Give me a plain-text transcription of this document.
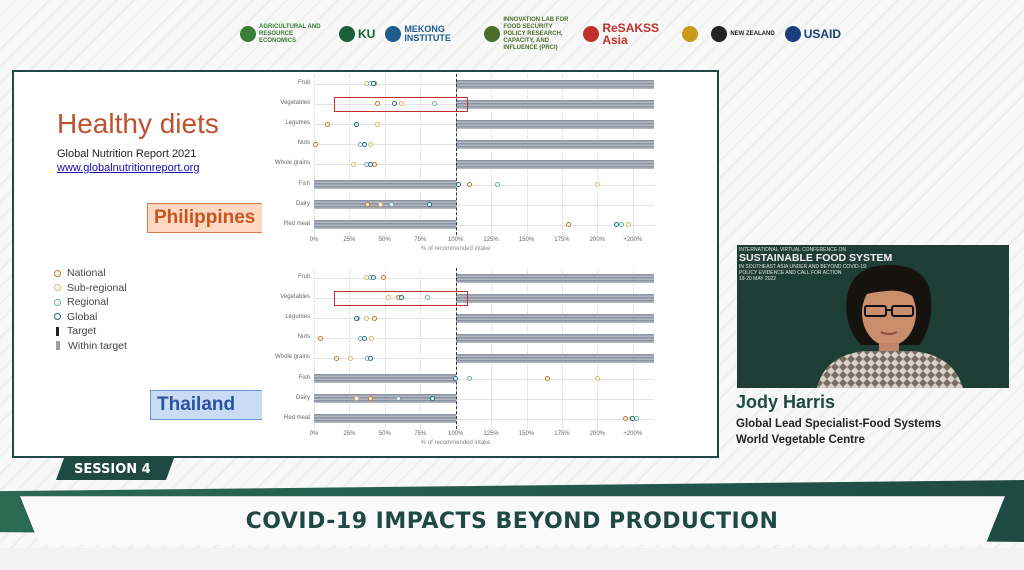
AGRICULTURAL AND RESOURCE ECONOMICS	KU	MEKONG INSTITUTE
INNOVATION LAB FOR FOOD SECURITY POLICY RESEARCH, CAPACITY, AND INFLUENCE (PRCI)
ReSAKSS Asia	NEW ZEALAND USAID
Healthy diets
Global Nutrition Report 2021
www.globalnutritionreport.org
Philippines
Thailand
National
Sub-regional
Regional
Global
Target
Within target
Fruit
Vegetables
Legumes
Nuts
Whole grains
Fish
Dairy
Red meat
0%	25%	50%	75%	100%	125%	150%	175%	200%	+200%
% of recommended intake
Fruit
Vegetables
Legumes
Nuts
Whole grains
Fish
Dairy
Red meat
0%	25%	50%	75%	100%	125%	150%	175%	200%	+200%
% of recommended intake
INTERNATIONAL VIRTUAL CONFERENCE ON
SUSTAINABLE FOOD SYSTEM
IN SOUTHEAST ASIA UNDER AND BEYOND COVID-19:
POLICY EVIDENCE AND CALL FOR ACTION
18-20 MAY 2022
Jody Harris
Global Lead Specialist-Food Systems
World Vegetable Centre
SESSION 4
COVID-19 IMPACTS BEYOND PRODUCTION
